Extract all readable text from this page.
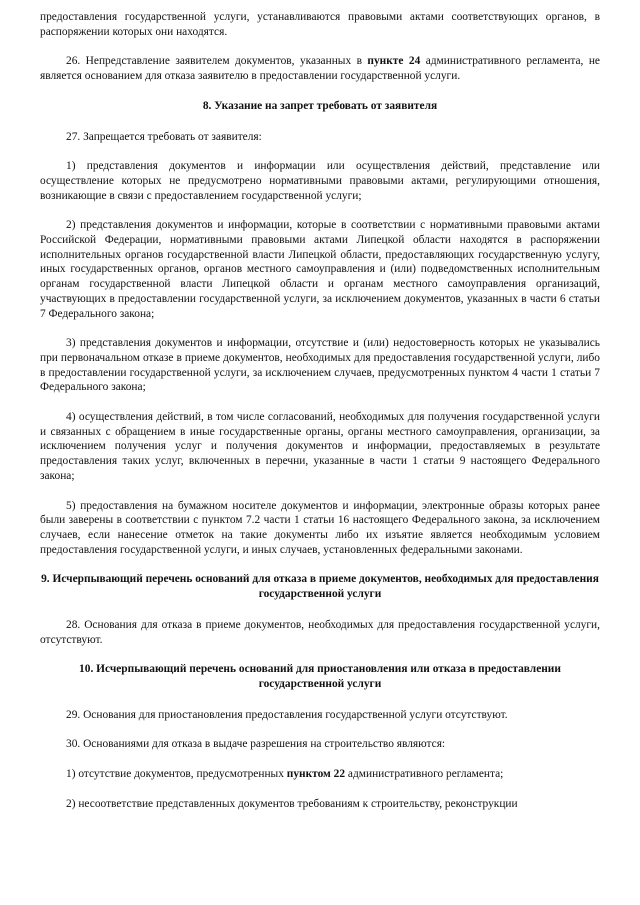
предоставления государственной услуги, устанавливаются правовыми актами соответствующих органов, в распоряжении которых они находятся.

26. Непредставление заявителем документов, указанных в пункте 24 административного регламента, не является основанием для отказа заявителю в предоставлении государственной услуги.

8. Указание на запрет требовать от заявителя

27. Запрещается требовать от заявителя:

1) представления документов и информации или осуществления действий, представление или осуществление которых не предусмотрено нормативными правовыми актами, регулирующими отношения, возникающие в связи с предоставлением государственной услуги;

2) представления документов и информации, которые в соответствии с нормативными правовыми актами Российской Федерации, нормативными правовыми актами Липецкой области находятся в распоряжении исполнительных органов государственной власти Липецкой области, предоставляющих государственную услугу, иных государственных органов, органов местного самоуправления и (или) подведомственных исполнительным органам государственной власти Липецкой области и органам местного самоуправления организаций, участвующих в предоставлении государственной услуги, за исключением документов, указанных в части 6 статьи 7 Федерального закона;

3) представления документов и информации, отсутствие и (или) недостоверность которых не указывались при первоначальном отказе в приеме документов, необходимых для предоставления государственной услуги, либо в предоставлении государственной услуги, за исключением случаев, предусмотренных пунктом 4 части 1 статьи 7 Федерального закона;

4) осуществления действий, в том числе согласований, необходимых для получения государственной услуги и связанных с обращением в иные государственные органы, органы местного самоуправления, организации, за исключением получения услуг и получения документов и информации, предоставляемых в результате предоставления таких услуг, включенных в перечни, указанные в части 1 статьи 9 настоящего Федерального закона;

5) предоставления на бумажном носителе документов и информации, электронные образы которых ранее были заверены в соответствии с пунктом 7.2 части 1 статьи 16 настоящего Федерального закона, за исключением случаев, если нанесение отметок на такие документы либо их изъятие является необходимым условием предоставления государственной услуги, и иных случаев, установленных федеральными законами.

9. Исчерпывающий перечень оснований для отказа в приеме документов, необходимых для предоставления государственной услуги

28. Основания для отказа в приеме документов, необходимых для предоставления государственной услуги, отсутствуют.

10. Исчерпывающий перечень оснований для приостановления или отказа в предоставлении государственной услуги

29. Основания для приостановления предоставления государственной услуги отсутствуют.

30. Основаниями для отказа в выдаче разрешения на строительство являются:

1) отсутствие документов, предусмотренных пунктом 22 административного регламента;

2) несоответствие представленных документов требованиям к строительству, реконструкции
